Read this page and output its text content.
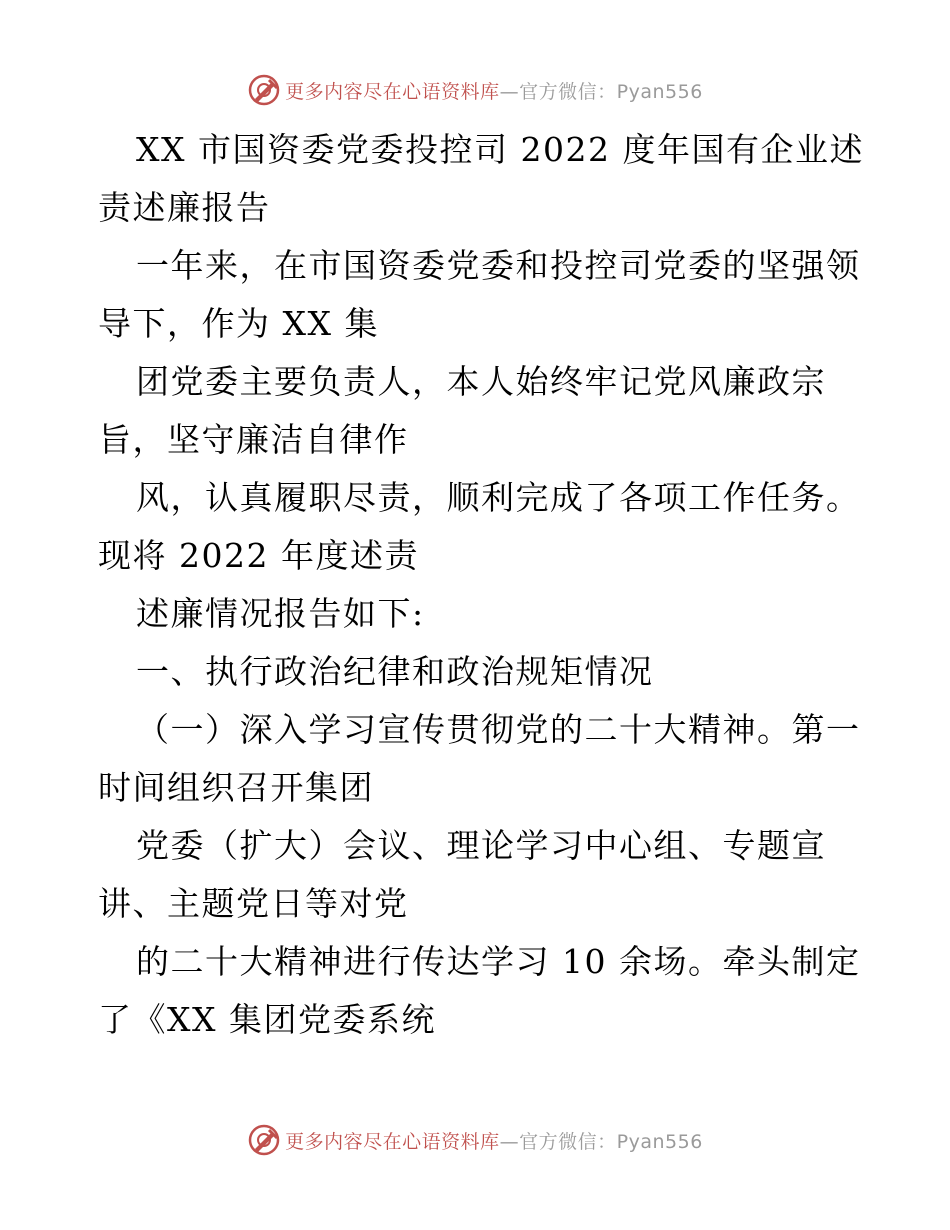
更多内容尽在心语资料库—官方微信：Pyan556
XX 市国资委党委投控司 2022 度年国有企业述
责述廉报告
一年来，在市国资委党委和投控司党委的坚强领
导下，作为 XX 集
团党委主要负责人，本人始终牢记党风廉政宗
旨，坚守廉洁自律作
风，认真履职尽责，顺利完成了各项工作任务。
现将 2022 年度述责
述廉情况报告如下:
一、执行政治纪律和政治规矩情况
（一）深入学习宣传贯彻党的二十大精神。第一
时间组织召开集团
党委（扩大）会议、理论学习中心组、专题宣
讲、主题党日等对党
的二十大精神进行传达学习 10 余场。牵头制定
了《XX 集团党委系统
更多内容尽在心语资料库—官方微信：Pyan556
